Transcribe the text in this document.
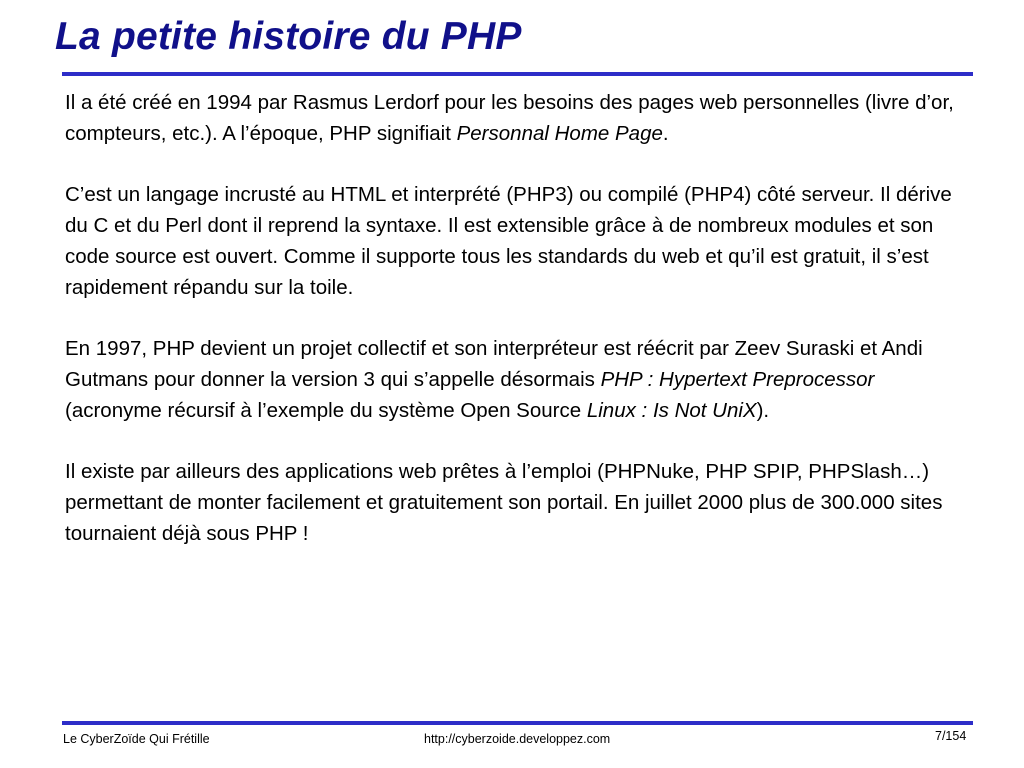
La petite histoire du PHP

Il a été créé en 1994 par Rasmus Lerdorf pour les besoins des pages web personnelles (livre d’or, compteurs, etc.). A l’époque, PHP signifiait Personnal Home Page.

C’est un langage incrusté au HTML et interprété (PHP3) ou compilé (PHP4) côté serveur. Il dérive du C et du Perl dont il reprend la syntaxe. Il est extensible grâce à de nombreux modules et son code source est ouvert. Comme il supporte tous les standards du web et qu’il est gratuit, il s’est rapidement répandu sur la toile.

En 1997, PHP devient un projet collectif et son interpréteur est réécrit par Zeev Suraski et Andi Gutmans pour donner la version 3 qui s’appelle désormais PHP : Hypertext Preprocessor (acronyme récursif à l’exemple du système Open Source Linux : Is Not UniX).

Il existe par ailleurs des applications web prêtes à l’emploi (PHPNuke, PHP SPIP, PHPSlash…) permettant de monter facilement et gratuitement son portail. En juillet 2000 plus de 300.000 sites tournaient déjà sous PHP !

Le CyberZoïde Qui Frétille	http://cyberzoide.developpez.com	7/154
